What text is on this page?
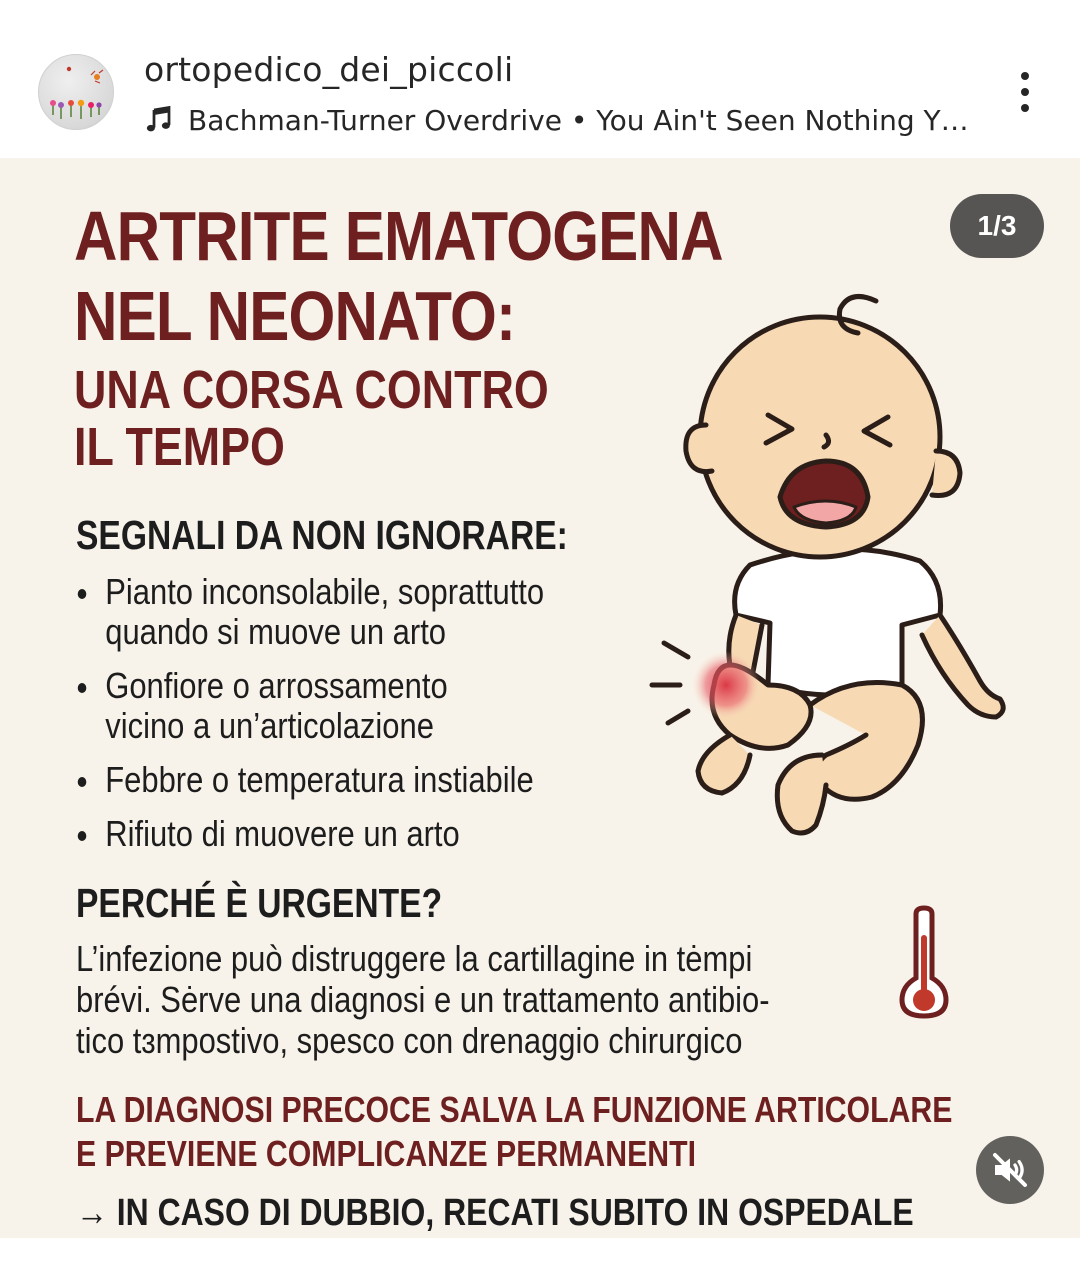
ortopedico_dei_piccoli
Bachman-Turner Overdrive • You Ain't Seen Nothing Y…
ARTRITE EMATOGENA
NEL NEONATO:
UNA CORSA CONTRO
IL TEMPO
SEGNALI DA NON IGNORARE:
Pianto inconsolabile, soprattutto
quando si muove un arto
Gonfiore o arrossamento
vicino a un’articolazione
Febbre o temperatura instiabile
Rifiuto di muovere un arto
PERCHÉ È URGENTE?
L’infezione può distruggere la cartillagine in tėmpi
brévi. Sėrve una diagnosi e un trattamento antibio-
tico tɜmpostivo, spesco con drenaggio chirurgico
LA DIAGNOSI PRECOCE SALVA LA FUNZIONE ARTICOLARE
E PREVIENE COMPLICANZE PERMANENTI
→ IN CASO DI DUBBIO, RECATI SUBITO IN OSPEDALE
1/3
